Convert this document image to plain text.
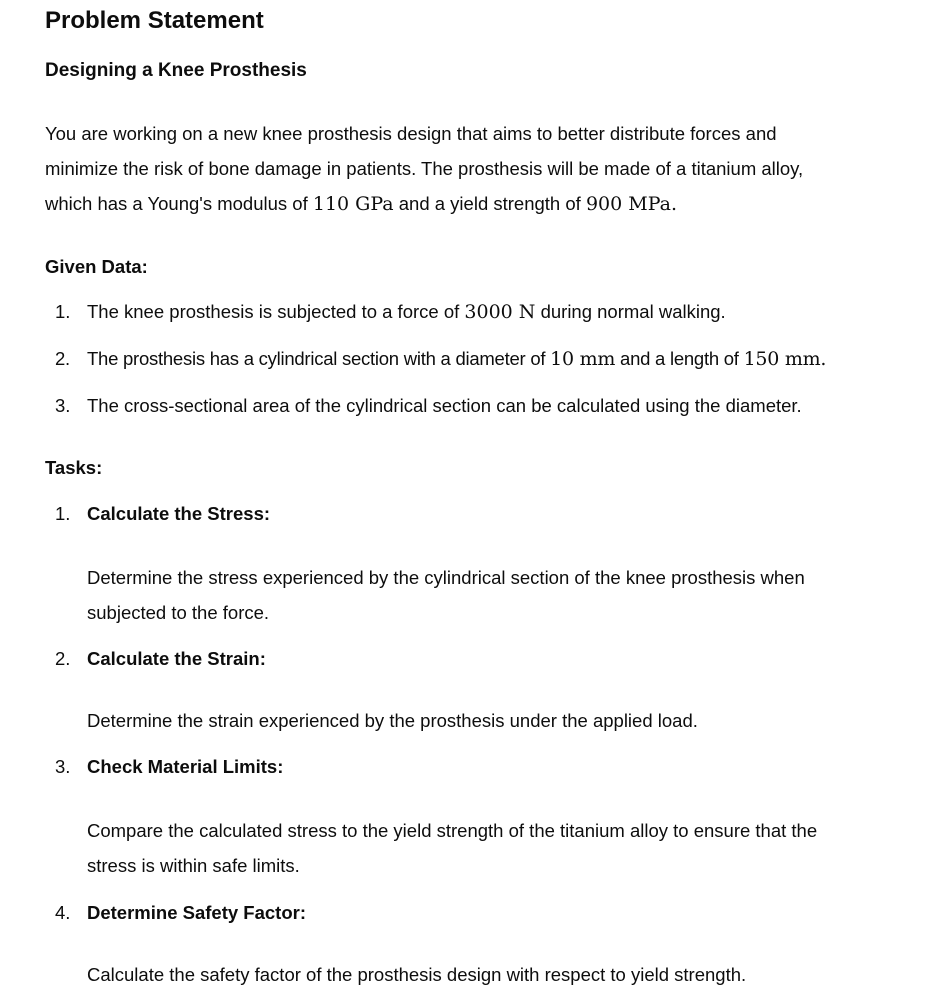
Problem Statement
Designing a Knee Prosthesis

You are working on a new knee prosthesis design that aims to better distribute forces and
minimize the risk of bone damage in patients. The prosthesis will be made of a titanium alloy,
which has a Young's modulus of 110 GPa and a yield strength of 900 MPa.

Given Data:
1. The knee prosthesis is subjected to a force of 3000 N during normal walking.
2. The prosthesis has a cylindrical section with a diameter of 10 mm and a length of 150 mm.
3. The cross-sectional area of the cylindrical section can be calculated using the diameter.
Tasks:
1. Calculate the Stress:

Determine the stress experienced by the cylindrical section of the knee prosthesis when
subjected to the force.

2. Calculate the Strain:

Determine the strain experienced by the prosthesis under the applied load.

3. Check Material Limits:

Compare the calculated stress to the yield strength of the titanium alloy to ensure that the
stress is within safe limits.

4. Determine Safety Factor:

Calculate the safety factor of the prosthesis design with respect to yield strength.
